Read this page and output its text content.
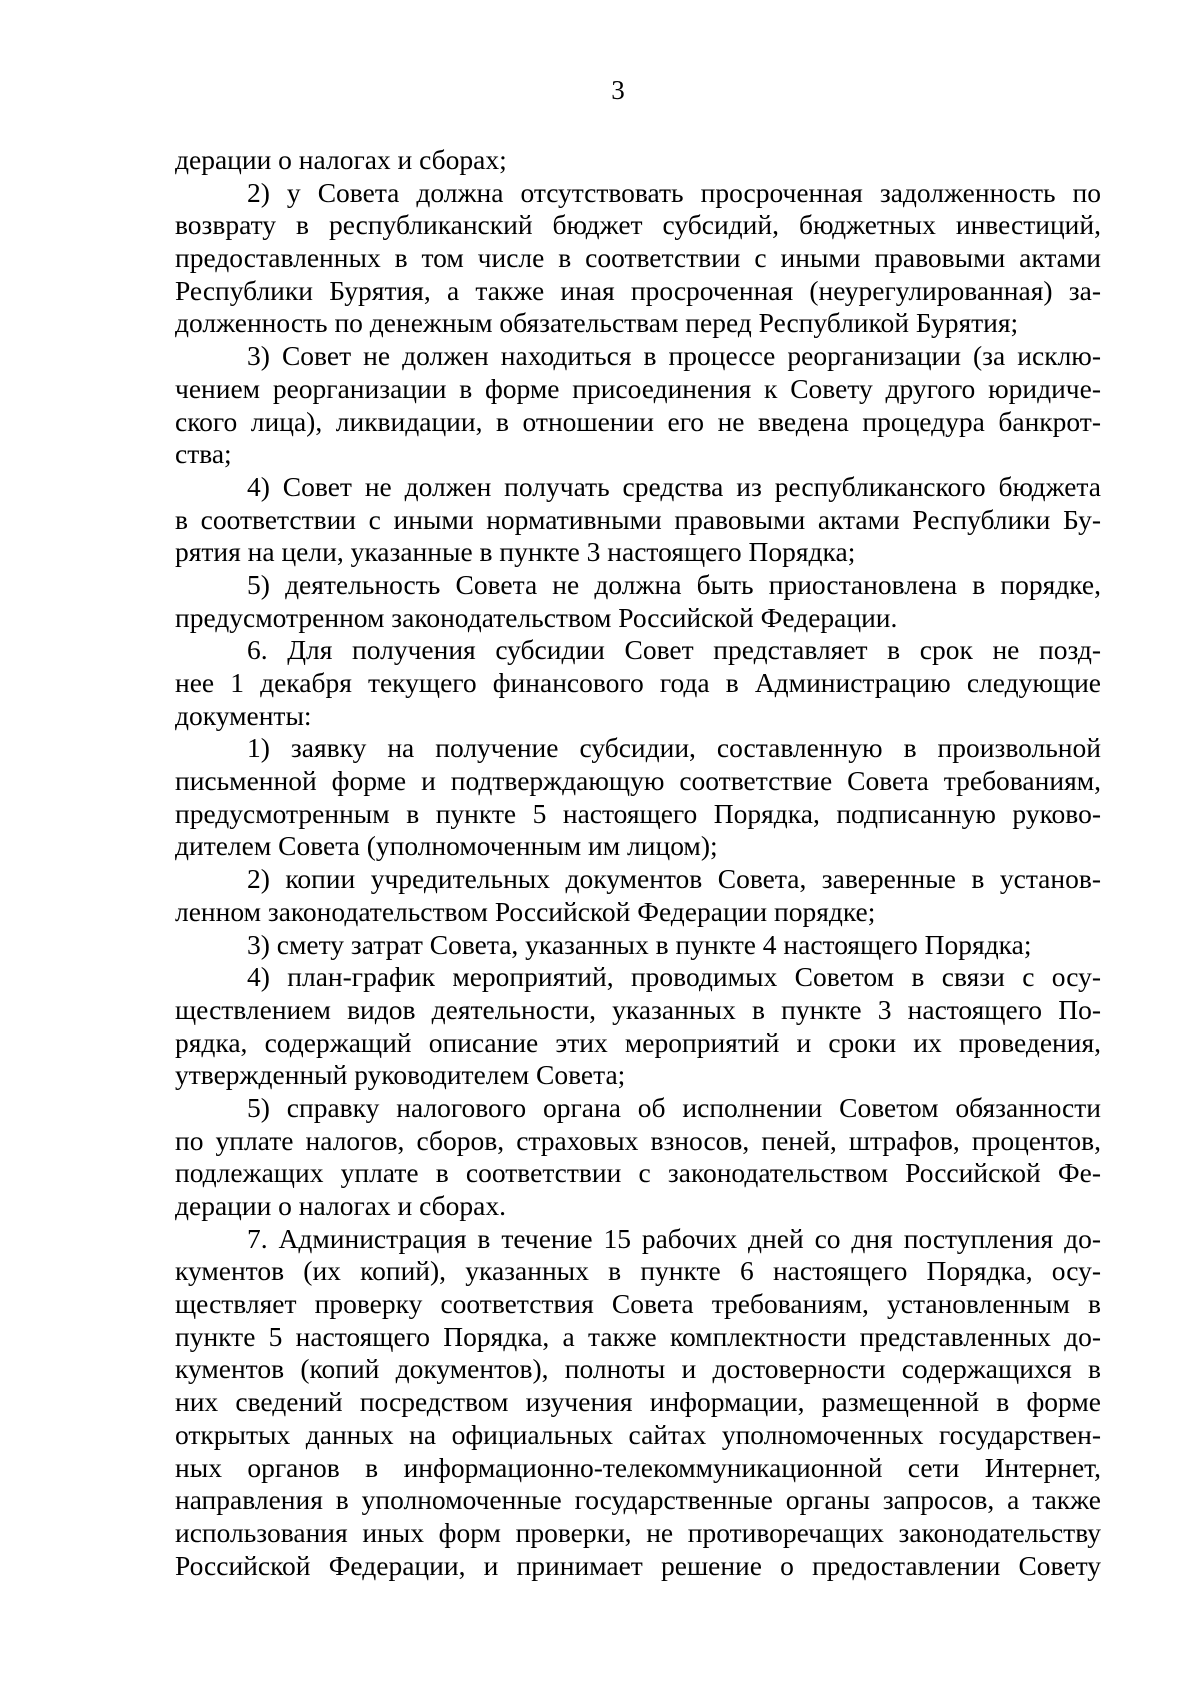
3
дерации о налогах и сборах;
2) у Совета должна отсутствовать просроченная задолженность по
возврату в республиканский бюджет субсидий, бюджетных инвестиций,
предоставленных в том числе в соответствии с иными правовыми актами
Республики Бурятия, а также иная просроченная (неурегулированная) за-
долженность по денежным обязательствам перед Республикой Бурятия;
3) Совет не должен находиться в процессе реорганизации (за исклю-
чением реорганизации в форме присоединения к Совету другого юридиче-
ского лица), ликвидации, в отношении его не введена процедура банкрот-
ства;
4) Совет не должен получать средства из республиканского бюджета
в соответствии с иными нормативными правовыми актами Республики Бу-
рятия на цели, указанные в пункте 3 настоящего Порядка;
5) деятельность Совета не должна быть приостановлена в порядке,
предусмотренном законодательством Российской Федерации.
6. Для получения субсидии Совет представляет в срок не позд-
нее 1 декабря текущего финансового года в Администрацию следующие
документы:
1) заявку на получение субсидии, составленную в произвольной
письменной форме и подтверждающую соответствие Совета требованиям,
предусмотренным в пункте 5 настоящего Порядка, подписанную руково-
дителем Совета (уполномоченным им лицом);
2) копии учредительных документов Совета, заверенные в установ-
ленном законодательством Российской Федерации порядке;
3) смету затрат Совета, указанных в пункте 4 настоящего Порядка;
4) план-график мероприятий, проводимых Советом в связи с осу-
ществлением видов деятельности, указанных в пункте 3 настоящего По-
рядка, содержащий описание этих мероприятий и сроки их проведения,
утвержденный руководителем Совета;
5) справку налогового органа об исполнении Советом обязанности
по уплате налогов, сборов, страховых взносов, пеней, штрафов, процентов,
подлежащих уплате в соответствии с законодательством Российской Фе-
дерации о налогах и сборах.
7. Администрация в течение 15 рабочих дней со дня поступления до-
кументов (их копий), указанных в пункте 6 настоящего Порядка, осу-
ществляет проверку соответствия Совета требованиям, установленным в
пункте 5 настоящего Порядка, а также комплектности представленных до-
кументов (копий документов), полноты и достоверности содержащихся в
них сведений посредством изучения информации, размещенной в форме
открытых данных на официальных сайтах уполномоченных государствен-
ных органов в информационно-телекоммуникационной сети Интернет,
направления в уполномоченные государственные органы запросов, а также
использования иных форм проверки, не противоречащих законодательству
Российской Федерации, и принимает решение о предоставлении Совету
